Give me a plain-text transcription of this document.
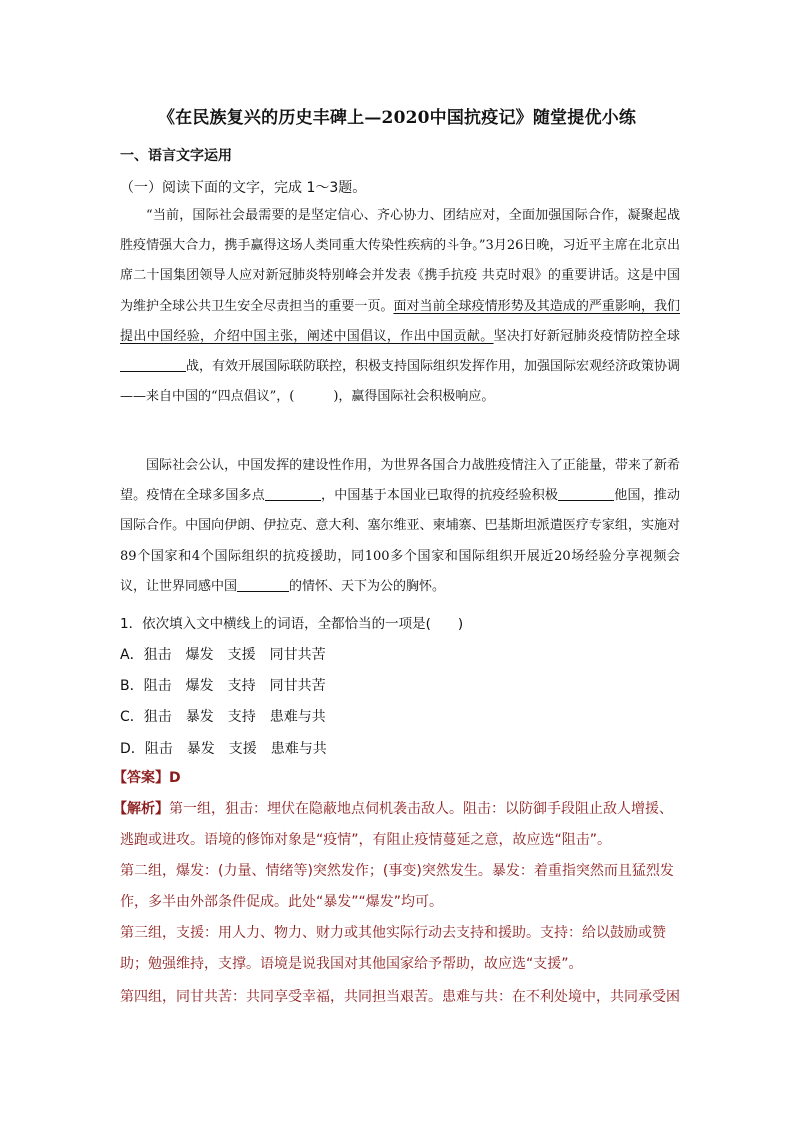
《在民族复兴的历史丰碑上—2020中国抗疫记》随堂提优小练
一、语言文字运用
（一）阅读下面的文字，完成 1～3题。
“当前，国际社会最需要的是坚定信心、齐心协力、团结应对，全面加强国际合作，凝聚起战胜疫情强大合力，携手赢得这场人类同重大传染性疾病的斗争。”3月26日晚，习近平主席在北京出席二十国集团领导人应对新冠肺炎特别峰会并发表《携手抗疫 共克时艰》的重要讲话。这是中国为维护全球公共卫生安全尽责担当的重要一页。面对当前全球疫情形势及其造成的严重影响，我们提出中国经验，介绍中国主张，阐述中国倡议，作出中国贡献。坚决打好新冠肺炎疫情防控全球战，有效开展国际联防联控，积极支持国际组织发挥作用，加强国际宏观经济政策协调——来自中国的“四点倡议”，(　　　)，赢得国际社会积极响应。
国际社会公认，中国发挥的建设性作用，为世界各国合力战胜疫情注入了正能量，带来了新希望。疫情在全球多国多点	，中国基于本国业已取得的抗疫经验积极	他国，推动国际合作。中国向伊朗、伊拉克、意大利、塞尔维亚、柬埔寨、巴基斯坦派遣医疗专家组，实施对89个国家和4个国际组织的抗疫援助，同100多个国家和国际组织开展近20场经验分享视频会议，让世界同感中国	的情怀、天下为公的胸怀。
1．依次填入文中横线上的词语，全都恰当的一项是(　　)
A．狙击 爆发 支援 同甘共苦
B．阻击 爆发 支持 同甘共苦
C．狙击 暴发 支持 患难与共
D．阻击 暴发 支援 患难与共
【答案】D
【解析】第一组，狙击：埋伏在隐蔽地点伺机袭击敌人。阻击：以防御手段阻止敌人增援、逃跑或进攻。语境的修饰对象是“疫情”，有阻止疫情蔓延之意，故应选“阻击”。
第二组，爆发：(力量、情绪等)突然发作；(事变)突然发生。暴发：着重指突然而且猛烈发作，多半由外部条件促成。此处“暴发”“爆发”均可。
第三组，支援：用人力、物力、财力或其他实际行动去支持和援助。支持：给以鼓励或赞助；勉强维持，支撑。语境是说我国对其他国家给予帮助，故应选“支援”。
第四组，同甘共苦：共同享受幸福，共同担当艰苦。患难与共：在不利处境中，共同承受困
